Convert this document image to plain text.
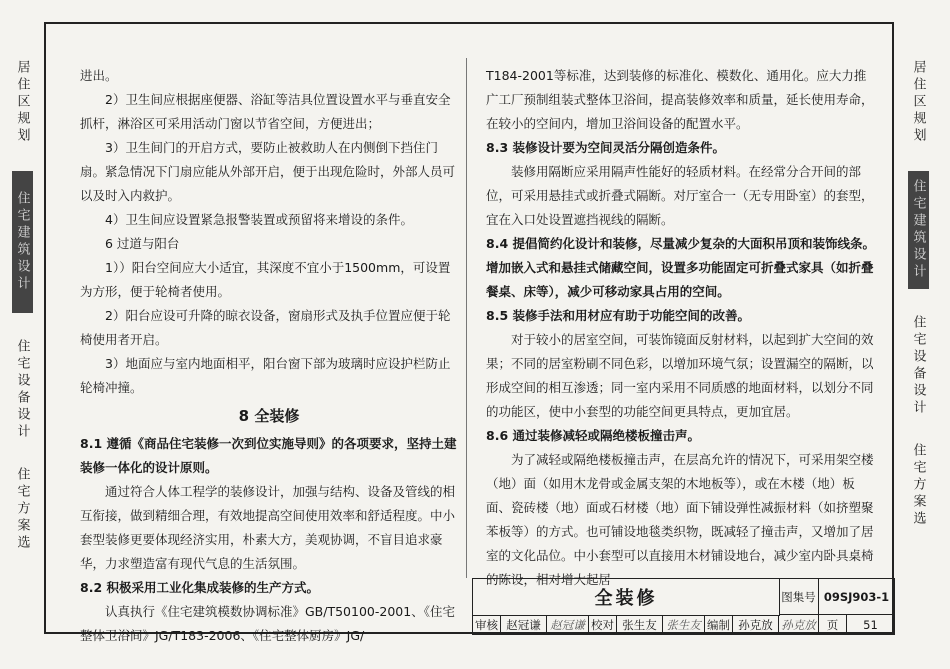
居住区规划
住宅建筑设计
住宅设备设计
住宅方案选
居住区规划
住宅建筑设计
住宅设备设计
住宅方案选

进出。

2）卫生间应根据座便器、浴缸等洁具位置设置水平与垂直安全抓杆，淋浴区可采用活动门窗以节省空间，方便进出；

3）卫生间门的开启方式，要防止被救助人在内侧倒下挡住门扇。紧急情况下门扇应能从外部开启，便于出现危险时，外部人员可以及时入内救护。

4）卫生间应设置紧急报警装置或预留将来增设的条件。

6 过道与阳台

1））阳台空间应大小适宜，其深度不宜小于1500mm，可设置为方形，便于轮椅者使用。

2）阳台应设可升降的晾衣设备，窗扇形式及执手位置应便于轮椅使用者开启。

3）地面应与室内地面相平，阳台窗下部为玻璃时应设护栏防止轮椅冲撞。

8 全装修

8.1 遵循《商品住宅装修一次到位实施导则》的各项要求，坚持土建装修一体化的设计原则。

通过符合人体工程学的装修设计，加强与结构、设备及管线的相互衔接，做到精细合理，有效地提高空间使用效率和舒适程度。中小套型装修更要体现经济实用，朴素大方，美观协调，不盲目追求豪华，力求塑造富有现代气息的生活氛围。

8.2 积极采用工业化集成装修的生产方式。

认真执行《住宅建筑模数协调标准》GB/T50100-2001、《住宅整体卫浴间》JG/T183-2006、《住宅整体厨房》JG/

T184-2001等标准，达到装修的标准化、模数化、通用化。应大力推广工厂预制组装式整体卫浴间，提高装修效率和质量，延长使用寿命，在较小的空间内，增加卫浴间设备的配置水平。

8.3 装修设计要为空间灵活分隔创造条件。

装修用隔断应采用隔声性能好的轻质材料。在经常分合开间的部位，可采用悬挂式或折叠式隔断。对厅室合一（无专用卧室）的套型，宜在入口处设置遮挡视线的隔断。

8.4 提倡简约化设计和装修，尽量减少复杂的大面积吊顶和装饰线条。增加嵌入式和悬挂式储藏空间，设置多功能固定可折叠式家具（如折叠餐桌、床等），减少可移动家具占用的空间。

8.5 装修手法和用材应有助于功能空间的改善。

对于较小的居室空间，可装饰镜面反射材料，以起到扩大空间的效果；不同的居室粉刷不同色彩，以增加环境气氛；设置漏空的隔断，以形成空间的相互渗透；同一室内采用不同质感的地面材料，以划分不同的功能区，使中小套型的功能空间更具特点，更加宜居。

8.6 通过装修减轻或隔绝楼板撞击声。

为了减轻或隔绝楼板撞击声，在层高允许的情况下，可采用架空楼（地）面（如用木龙骨或金属支架的木地板等），或在木楼（地）板面、瓷砖楼（地）面或石材楼（地）面下铺设弹性减振材料（如挤塑聚苯板等）的方式。也可铺设地毯类织物，既减轻了撞击声，又增加了居室的文化品位。中小套型可以直接用木材铺设地台，减少室内卧具桌椅的陈设，相对增大起居

全装修	图集号 09SJ903-1
审核 赵冠谦 赵冠谦 校对 张生友 张生友 编制 孙克放 孙克放 页	51
